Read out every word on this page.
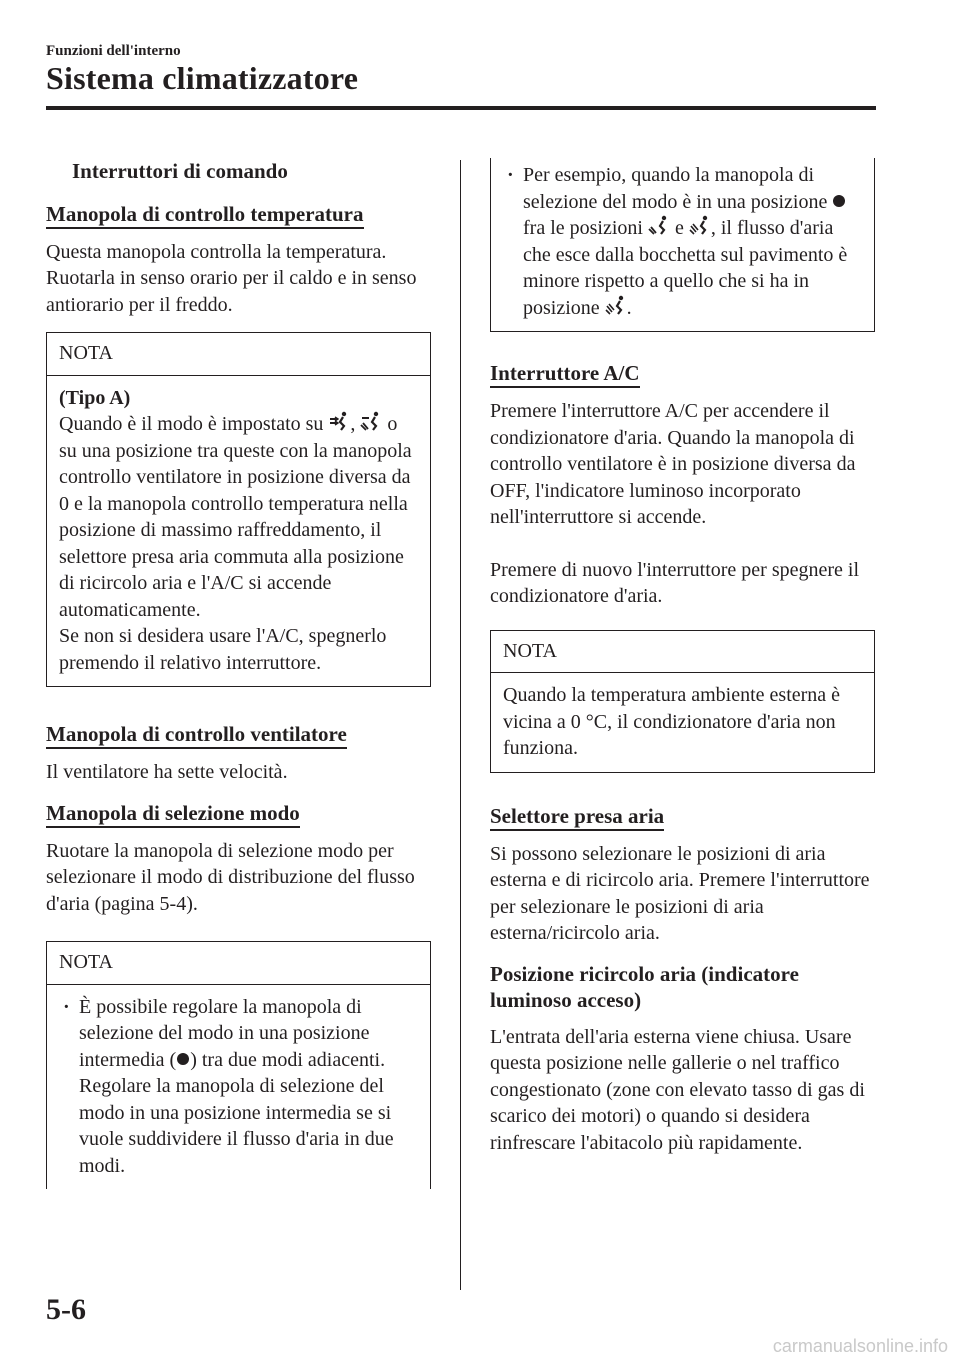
Funzioni dell'interno
Sistema climatizzatore
Interruttori di comando
Manopola di controllo temperatura

Questa manopola controlla la temperatura. Ruotarla in senso orario per il caldo e in senso antiorario per il freddo.

NOTA
(Tipo A)
Quando è il modo è impostato su , o su una posizione tra queste con la manopola controllo ventilatore in posizione diversa da 0 e la manopola controllo temperatura nella posizione di massimo raffreddamento, il selettore presa aria commuta alla posizione di ricircolo aria e l'A/C si accende automaticamente.
Se non si desidera usare l'A/C, spegnerlo premendo il relativo interruttore.
Manopola di controllo ventilatore

Il ventilatore ha sette velocità.

Manopola di selezione modo

Ruotare la manopola di selezione modo per selezionare il modo di distribuzione del flusso d'aria (pagina 5-4).

NOTA
· È possibile regolare la manopola di selezione del modo in una posizione intermedia ( ) tra due modi adiacenti. Regolare la manopola di selezione del modo in una posizione intermedia se si vuole suddividere il flusso d'aria in due modi.
· Per esempio, quando la manopola di selezione del modo è in una posizione  fra le posizioni e , il flusso d'aria che esce dalla bocchetta sul pavimento è minore rispetto a quello che si ha in posizione .
Interruttore A/C

Premere l'interruttore A/C per accendere il condizionatore d'aria. Quando la manopola di controllo ventilatore è in posizione diversa da OFF, l'indicatore luminoso incorporato nell'interruttore si accende.

Premere di nuovo l'interruttore per spegnere il condizionatore d'aria.

NOTA
Quando la temperatura ambiente esterna è vicina a 0 °C, il condizionatore d'aria non funziona.
Selettore presa aria

Si possono selezionare le posizioni di aria esterna e di ricircolo aria. Premere l'interruttore per selezionare le posizioni di aria esterna/ricircolo aria.

Posizione ricircolo aria (indicatore luminoso acceso)

L'entrata dell'aria esterna viene chiusa. Usare questa posizione nelle gallerie o nel traffico congestionato (zone con elevato tasso di gas di scarico dei motori) o quando si desidera rinfrescare l'abitacolo più rapidamente.

5-6
carmanualsonline.info
